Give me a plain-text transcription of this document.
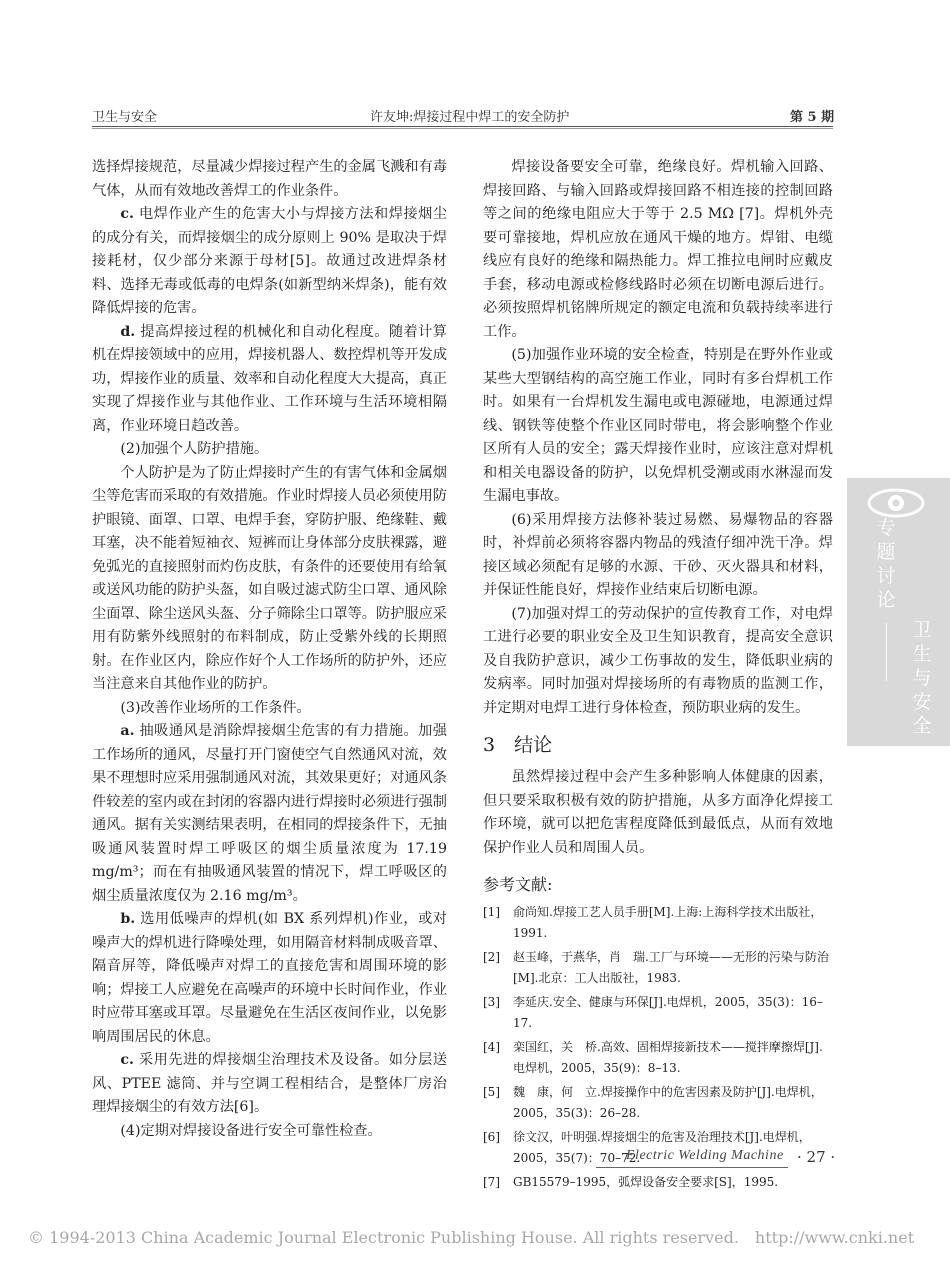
卫生与安全	许友坤:焊接过程中焊工的安全防护	第 5 期

选择焊接规范，尽量减少焊接过程产生的金属飞溅和有毒气体，从而有效地改善焊工的作业条件。

c. 电焊作业产生的危害大小与焊接方法和焊接烟尘的成分有关，而焊接烟尘的成分原则上 90% 是取决于焊接耗材，仅少部分来源于母材[5]。故通过改进焊条材料、选择无毒或低毒的电焊条(如新型纳米焊条)，能有效降低焊接的危害。

d. 提高焊接过程的机械化和自动化程度。随着计算机在焊接领域中的应用，焊接机器人、数控焊机等开发成功，焊接作业的质量、效率和自动化程度大大提高，真正实现了焊接作业与其他作业、工作环境与生活环境相隔离，作业环境日趋改善。

(2)加强个人防护措施。

个人防护是为了防止焊接时产生的有害气体和金属烟尘等危害而采取的有效措施。作业时焊接人员必须使用防护眼镜、面罩、口罩、电焊手套，穿防护服、绝缘鞋、戴耳塞，决不能着短袖衣、短裤而让身体部分皮肤裸露，避免弧光的直接照射而灼伤皮肤，有条件的还要使用有给氧或送风功能的防护头盔，如自吸过滤式防尘口罩、通风除尘面罩、除尘送风头盔、分子筛除尘口罩等。防护服应采用有防紫外线照射的布料制成，防止受紫外线的长期照射。在作业区内，除应作好个人工作场所的防护外，还应当注意来自其他作业的防护。

(3)改善作业场所的工作条件。

a. 抽吸通风是消除焊接烟尘危害的有力措施。加强工作场所的通风，尽量打开门窗使空气自然通风对流，效果不理想时应采用强制通风对流，其效果更好；对通风条件较差的室内或在封闭的容器内进行焊接时必须进行强制通风。据有关实测结果表明，在相同的焊接条件下，无抽吸通风装置时焊工呼吸区的烟尘质量浓度为 17.19 mg/m³；而在有抽吸通风装置的情况下，焊工呼吸区的烟尘质量浓度仅为 2.16 mg/m³。

b. 选用低噪声的焊机(如 BX 系列焊机)作业，或对噪声大的焊机进行降噪处理，如用隔音材料制成吸音罩、隔音屏等，降低噪声对焊工的直接危害和周围环境的影响；焊接工人应避免在高噪声的环境中长时间作业，作业时应带耳塞或耳罩。尽量避免在生活区夜间作业，以免影响周围居民的休息。

c. 采用先进的焊接烟尘治理技术及设备。如分层送风、PTEE 滤筒、并与空调工程相结合，是整体厂房治理焊接烟尘的有效方法[6]。

(4)定期对焊接设备进行安全可靠性检查。

焊接设备要安全可靠，绝缘良好。焊机输入回路、焊接回路、与输入回路或焊接回路不相连接的控制回路等之间的绝缘电阻应大于等于 2.5 MΩ [7]。焊机外壳要可靠接地，焊机应放在通风干燥的地方。焊钳、电缆线应有良好的绝缘和隔热能力。焊工推拉电闸时应戴皮手套，移动电源或检修线路时必须在切断电源后进行。必须按照焊机铭牌所规定的额定电流和负载持续率进行工作。

(5)加强作业环境的安全检查，特别是在野外作业或某些大型钢结构的高空施工作业，同时有多台焊机工作时。如果有一台焊机发生漏电或电源碰地，电源通过焊线、钢铁等使整个作业区同时带电，将会影响整个作业区所有人员的安全；露天焊接作业时，应该注意对焊机和相关电器设备的防护，以免焊机受潮或雨水淋湿而发生漏电事故。

(6)采用焊接方法修补装过易燃、易爆物品的容器时，补焊前必须将容器内物品的残渣仔细冲洗干净。焊接区域必须配有足够的水源、干砂、灭火器具和材料，并保证性能良好，焊接作业结束后切断电源。

(7)加强对焊工的劳动保护的宣传教育工作，对电焊工进行必要的职业安全及卫生知识教育，提高安全意识及自我防护意识，减少工伤事故的发生，降低职业病的发病率。同时加强对焊接场所的有毒物质的监测工作，并定期对电焊工进行身体检查，预防职业病的发生。

3　结论

虽然焊接过程中会产生多种影响人体健康的因素，但只要采取积极有效的防护措施，从多方面净化焊接工作环境，就可以把危害程度降低到最低点，从而有效地保护作业人员和周围人员。

参考文献:
[1]	俞尚知.焊接工艺人员手册[M].上海:上海科学技术出版社，1991.
[2]	赵玉峰，于燕华，肖　瑞.工厂与环境——无形的污染与防治[M].北京：工人出版社，1983.
[3]	李延庆.安全、健康与环保[J].电焊机，2005，35(3)：16–17.
[4]	栾国红，关　桥.高效、固相焊接新技术——搅拌摩擦焊[J].电焊机，2005，35(9)：8–13.
[5]	魏　康，何　立.焊接操作中的危害因素及防护[J].电焊机，2005，35(3)：26–28.
[6]	徐文汉，叶明强.焊接烟尘的危害及治理技术[J].电焊机，2005，35(7)：70–72.
[7]	GB15579–1995，弧焊设备安全要求[S]，1995.
专
题
讨
论
卫
生
与
安
全
Electric Welding Machine · 27 ·
© 1994-2013 China Academic Journal Electronic Publishing House. All rights reserved.　http://www.cnki.net
